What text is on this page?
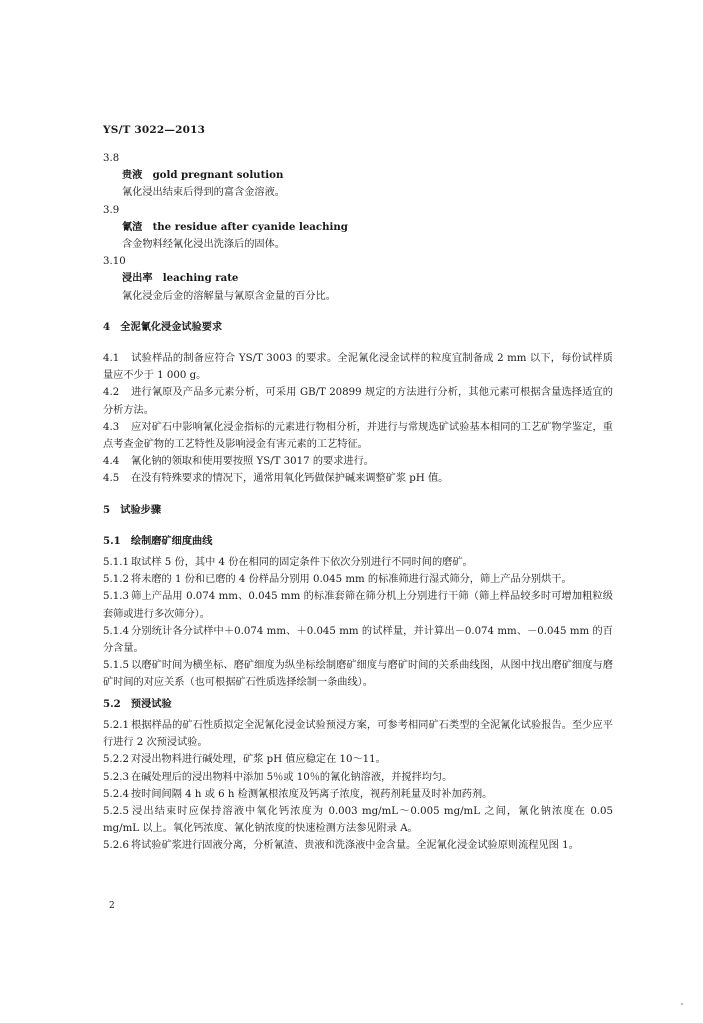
YS/T 3022—2013

3.8

贵液　 gold pregnant solution

氰化浸出结束后得到的富含金溶液。

3.9

氰渣　 the residue after cyanide leaching

含金物料经氰化浸出洗涤后的固体。

3.10

浸出率　 leaching rate

氰化浸金后金的溶解量与氰原含金量的百分比。

4　全泥氰化浸金试验要求

4.1 试验样品的制备应符合 YS/T 3003 的要求。全泥氰化浸金试样的粒度宜制备成 2 mm 以下，每份试样质量应不少于 1 000 g。

4.2 进行氰原及产品多元素分析，可采用 GB/T 20899 规定的方法进行分析，其他元素可根据含量选择适宜的分析方法。

4.3 应对矿石中影响氰化浸金指标的元素进行物相分析，并进行与常规选矿试验基本相同的工艺矿物学鉴定，重点考查金矿物的工艺特性及影响浸金有害元素的工艺特征。

4.4 氰化钠的领取和使用要按照 YS/T 3017 的要求进行。

4.5 在没有特殊要求的情况下，通常用氧化钙做保护碱来调整矿浆 pH 值。

5　试验步骤

5.1　绘制磨矿细度曲线

5.1.1 取试样 5 份，其中 4 份在相同的固定条件下依次分别进行不同时间的磨矿。

5.1.2 将未磨的 1 份和已磨的 4 份样品分别用 0.045 mm 的标准筛进行湿式筛分，筛上产品分别烘干。

5.1.3 筛上产品用 0.074 mm、0.045 mm 的标准套筛在筛分机上分别进行干筛（筛上样品较多时可增加粗粒级套筛或进行多次筛分）。

5.1.4 分别统计各分试样中＋0.074 mm、＋0.045 mm 的试样量，并计算出－0.074 mm、－0.045 mm 的百分含量。

5.1.5 以磨矿时间为横坐标、磨矿细度为纵坐标绘制磨矿细度与磨矿时间的关系曲线图，从图中找出磨矿细度与磨矿时间的对应关系（也可根据矿石性质选择绘制一条曲线）。

5.2　预浸试验

5.2.1 根据样品的矿石性质拟定全泥氰化浸金试验预浸方案，可参考相同矿石类型的全泥氰化试验报告。至少应平行进行 2 次预浸试验。

5.2.2 对浸出物料进行碱处理，矿浆 pH 值应稳定在 10～11。

5.2.3 在碱处理后的浸出物料中添加 5％或 10％的氰化钠溶液，并搅拌均匀。

5.2.4 按时间间隔 4 h 或 6 h 检测氰根浓度及钙离子浓度，视药剂耗量及时补加药剂。

5.2.5 浸出结束时应保持溶液中氧化钙浓度为 0.003 mg/mL～0.005 mg/mL 之间，氰化钠浓度在 0.05 mg/mL 以上。氧化钙浓度、氰化钠浓度的快速检测方法参见附录 A。

5.2.6 将试验矿浆进行固液分离，分析氰渣、贵液和洗涤液中金含量。全泥氰化浸金试验原则流程见图 1。

2
